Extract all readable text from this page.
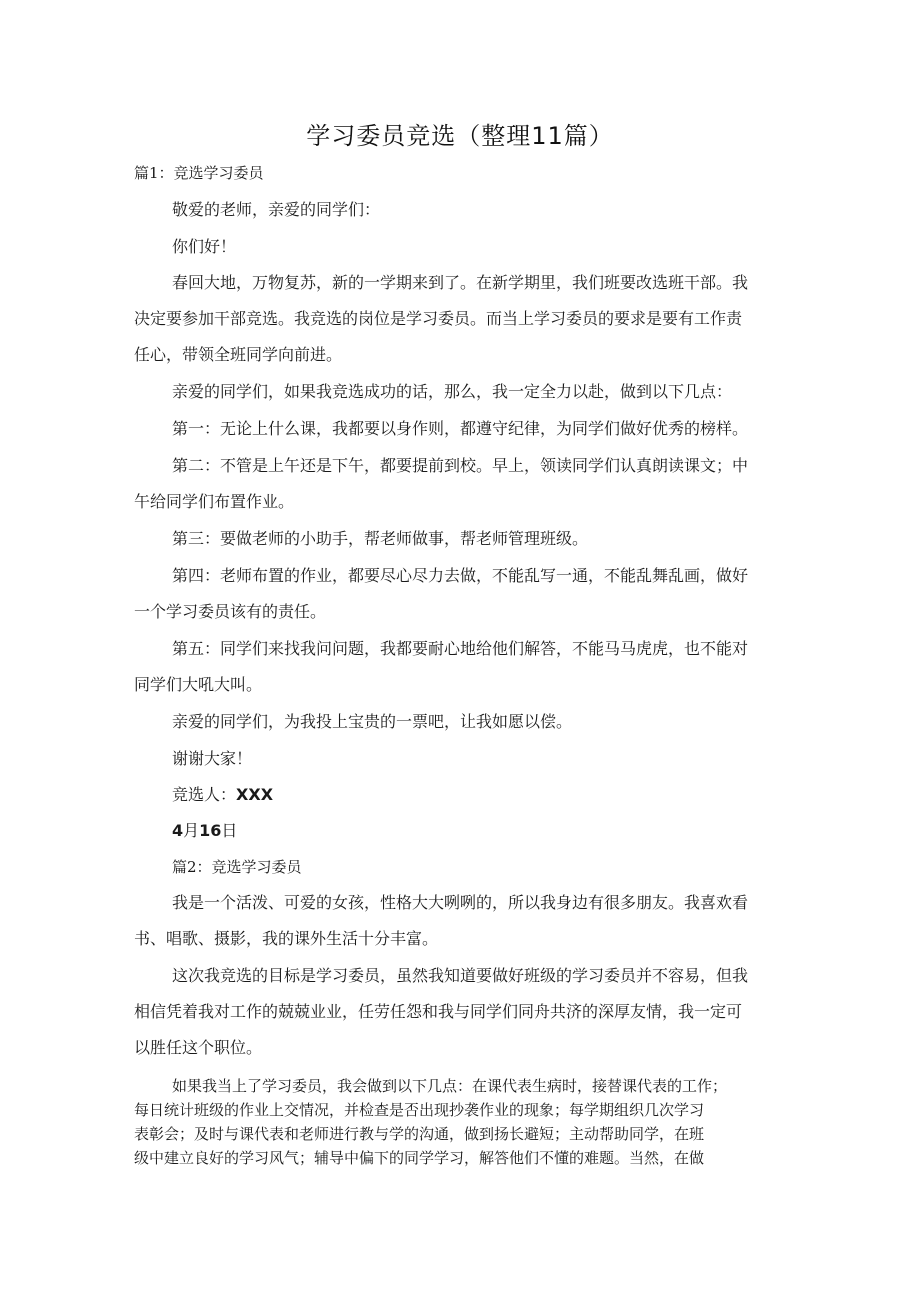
学习委员竞选（整理11篇）
篇1：竞选学习委员
敬爱的老师，亲爱的同学们：
你们好！
春回大地，万物复苏，新的一学期来到了。在新学期里，我们班要改选班干部。我
决定要参加干部竞选。我竞选的岗位是学习委员。而当上学习委员的要求是要有工作责
任心，带领全班同学向前进。
亲爱的同学们，如果我竞选成功的话，那么，我一定全力以赴，做到以下几点：
第一：无论上什么课，我都要以身作则，都遵守纪律，为同学们做好优秀的榜样。
第二：不管是上午还是下午，都要提前到校。早上，领读同学们认真朗读课文；中
午给同学们布置作业。
第三：要做老师的小助手，帮老师做事，帮老师管理班级。
第四：老师布置的作业，都要尽心尽力去做，不能乱写一通，不能乱舞乱画，做好
一个学习委员该有的责任。
第五：同学们来找我问问题，我都要耐心地给他们解答，不能马马虎虎，也不能对
同学们大吼大叫。
亲爱的同学们，为我投上宝贵的一票吧，让我如愿以偿。
谢谢大家！
竞选人：XXX
4月16日
篇2：竞选学习委员
我是一个活泼、可爱的女孩，性格大大咧咧的，所以我身边有很多朋友。我喜欢看
书、唱歌、摄影，我的课外生活十分丰富。
这次我竞选的目标是学习委员，虽然我知道要做好班级的学习委员并不容易，但我
相信凭着我对工作的兢兢业业，任劳任怨和我与同学们同舟共济的深厚友情，我一定可
以胜任这个职位。
如果我当上了学习委员，我会做到以下几点：在课代表生病时，接替课代表的工作；
每日统计班级的作业上交情况，并检查是否出现抄袭作业的现象；每学期组织几次学习
表彰会；及时与课代表和老师进行教与学的沟通，做到扬长避短；主动帮助同学，在班
级中建立良好的学习风气；辅导中偏下的同学学习，解答他们不懂的难题。当然，在做
